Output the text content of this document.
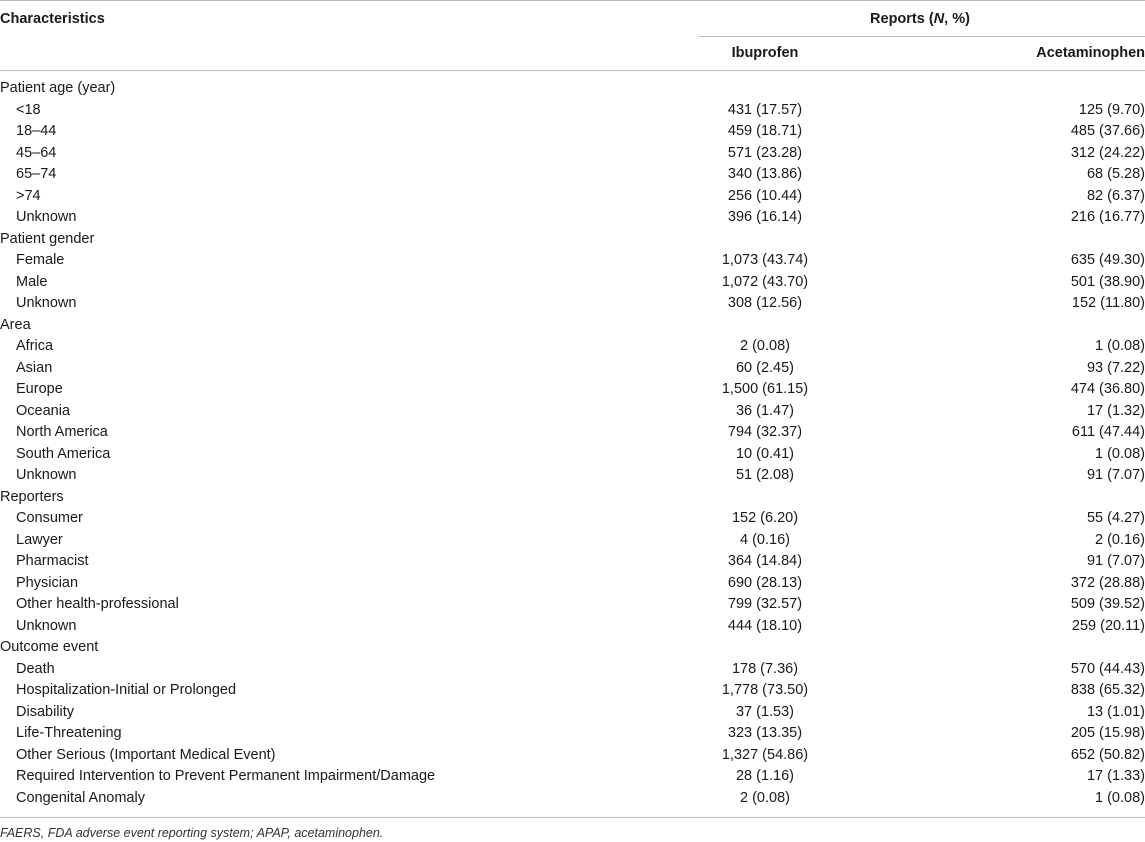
Characteristics	Reports (N, %)
Ibuprofen	Acetaminophen
Patient age (year)
<18	431 (17.57)	125 (9.70)
18–44	459 (18.71)	485 (37.66)
45–64	571 (23.28)	312 (24.22)
65–74	340 (13.86)	68 (5.28)
>74	256 (10.44)	82 (6.37)
Unknown	396 (16.14)	216 (16.77)
Patient gender
Female	1,073 (43.74)	635 (49.30)
Male	1,072 (43.70)	501 (38.90)
Unknown	308 (12.56)	152 (11.80)
Area
Africa	2 (0.08)	1 (0.08)
Asian	60 (2.45)	93 (7.22)
Europe	1,500 (61.15)	474 (36.80)
Oceania	36 (1.47)	17 (1.32)
North America	794 (32.37)	611 (47.44)
South America	10 (0.41)	1 (0.08)
Unknown	51 (2.08)	91 (7.07)
Reporters
Consumer	152 (6.20)	55 (4.27)
Lawyer	4 (0.16)	2 (0.16)
Pharmacist	364 (14.84)	91 (7.07)
Physician	690 (28.13)	372 (28.88)
Other health-professional	799 (32.57)	509 (39.52)
Unknown	444 (18.10)	259 (20.11)
Outcome event
Death	178 (7.36)	570 (44.43)
Hospitalization-Initial or Prolonged	1,778 (73.50)	838 (65.32)
Disability	37 (1.53)	13 (1.01)
Life-Threatening	323 (13.35)	205 (15.98)
Other Serious (Important Medical Event)	1,327 (54.86)	652 (50.82)
Required Intervention to Prevent Permanent Impairment/Damage	28 (1.16)	17 (1.33)
Congenital Anomaly	2 (0.08)	1 (0.08)
FAERS, FDA adverse event reporting system; APAP, acetaminophen.
